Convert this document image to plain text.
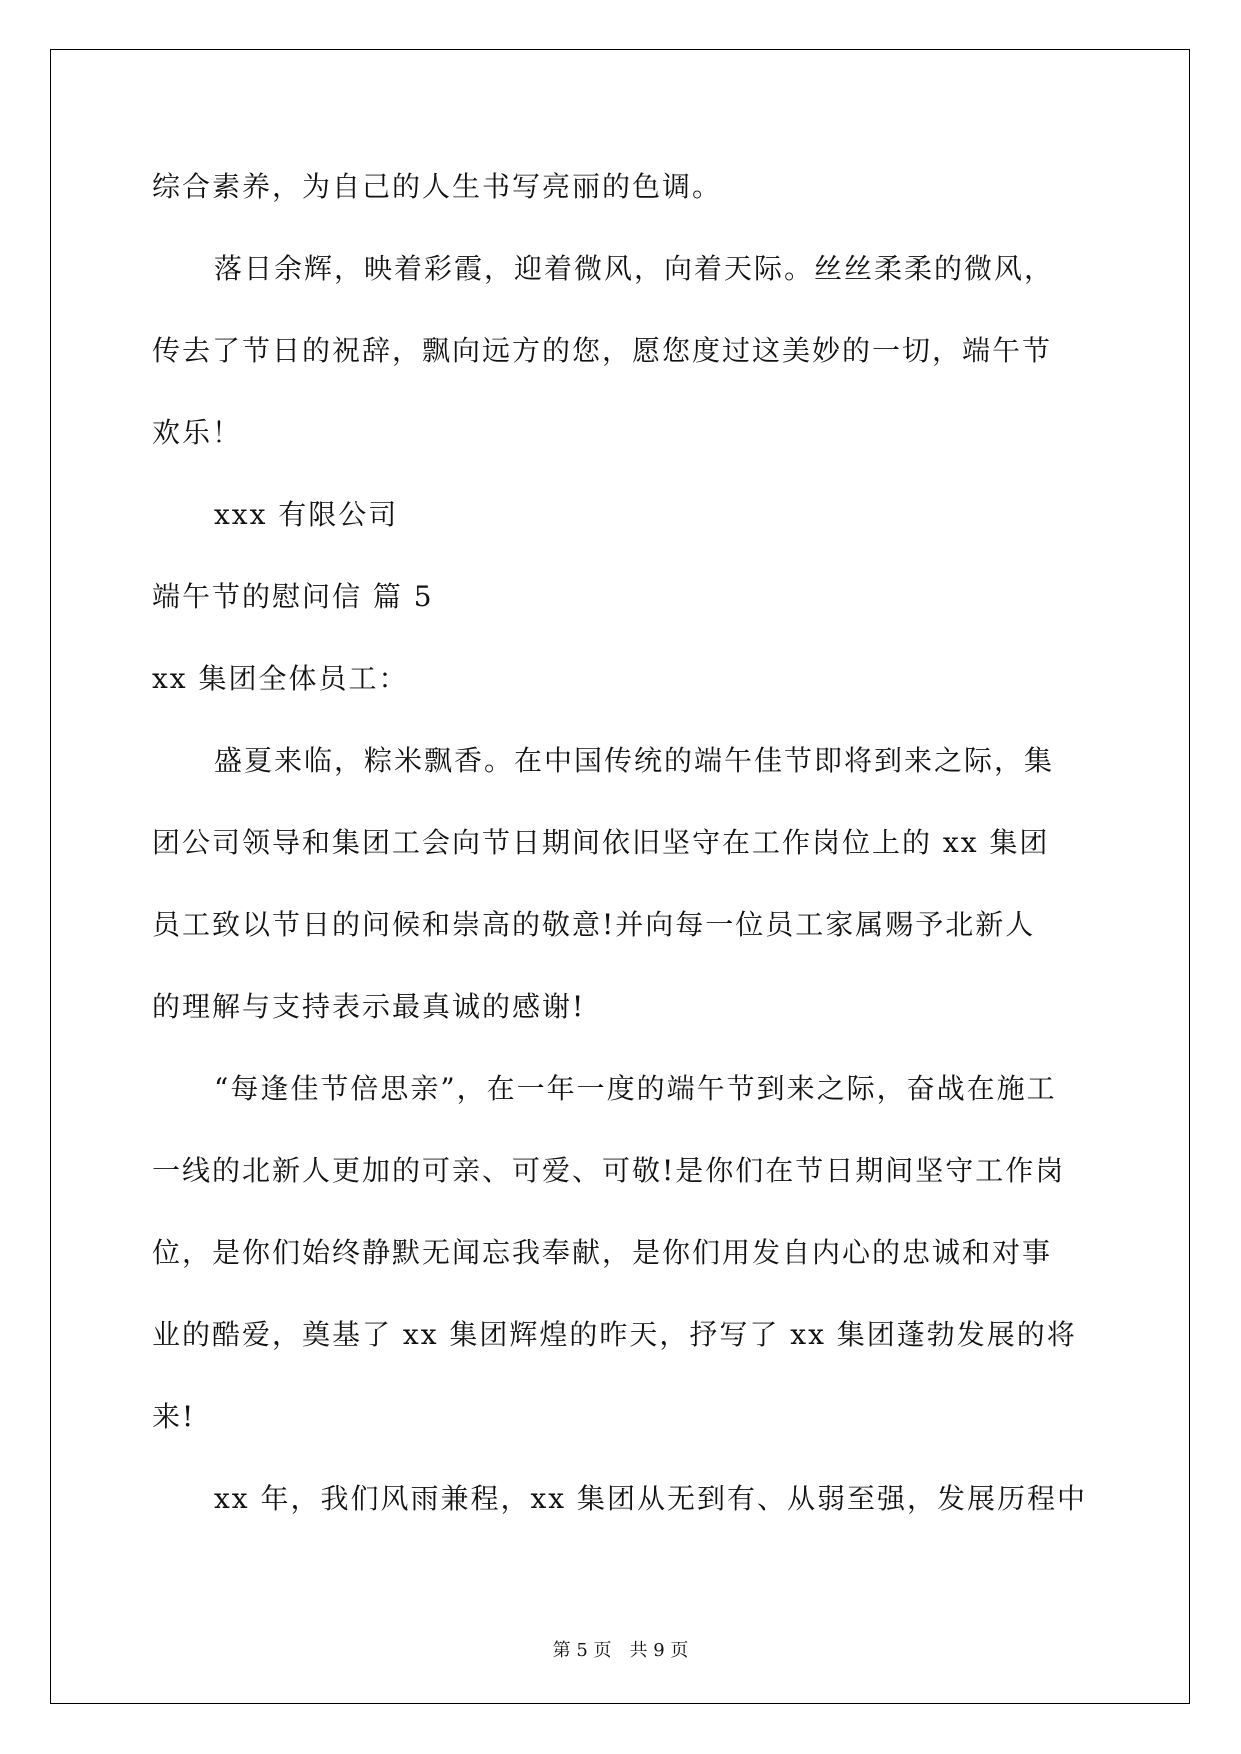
综合素养，为自己的人生书写亮丽的色调。
落日余辉，映着彩霞，迎着微风，向着天际。丝丝柔柔的微风，
传去了节日的祝辞，飘向远方的您，愿您度过这美妙的一切，端午节
欢乐！
xxx 有限公司
端午节的慰问信 篇 5
xx 集团全体员工：
盛夏来临，粽米飘香。在中国传统的端午佳节即将到来之际，集
团公司领导和集团工会向节日期间依旧坚守在工作岗位上的 xx 集团
员工致以节日的问候和崇高的敬意!并向每一位员工家属赐予北新人
的理解与支持表示最真诚的感谢!
“每逢佳节倍思亲”，在一年一度的端午节到来之际，奋战在施工
一线的北新人更加的可亲、可爱、可敬!是你们在节日期间坚守工作岗
位，是你们始终静默无闻忘我奉献，是你们用发自内心的忠诚和对事
业的酷爱，奠基了 xx 集团辉煌的昨天，抒写了 xx 集团蓬勃发展的将
来!
xx 年，我们风雨兼程，xx 集团从无到有、从弱至强，发展历程中
第 5 页　共 9 页
